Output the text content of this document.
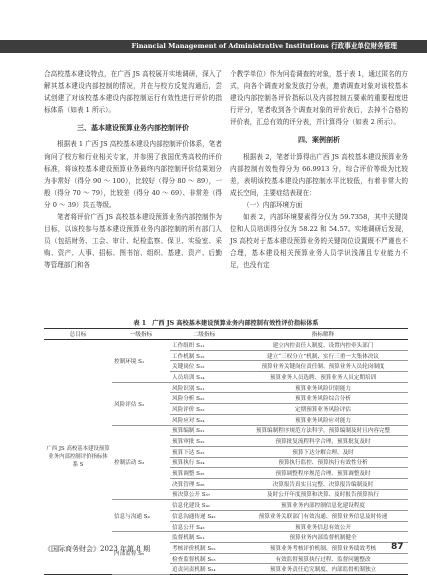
Financial Management of Administrative Institutions 行政事业单位财务管理

合高校基本建设特点，在广西 JS 高校展开实地调研，深入了解其基本建设内部控制的情况，并在与校方反复沟通后，尝试创建了对该校基本建设内部控制运行有效性进行评价的指标体系（如表 1 所示）。

三、基本建设预算业务内部控制评价

根据表 1 广西 JS 高校基本建设内部控制评价体系，笔者询问了校方和行业相关专家，并参照了我国优秀高校的评价标准，将该校基本建设预算业务最终内部控制评价结果划分为非常好（得分 90 ～ 100），比较好（得分 80 ～ 89），一般（得分 70 ～ 79），比较差（得分 40 ～ 69）、非常差（得分 0 ～ 39）共五等级。

笔者将评价广西 JS 高校基本建设预算业务内部控制作为目标，以该校参与基本建设预算业务内部控制的所有部门人员（包括财务、工会、审计、纪检监察、保卫、实验室、采购、资产、人事、招标、图书馆、组织、基建、资产、后勤等管理部门和各

个教学单位）作为问卷调查的对象，基于表 1，通过匿名的方式，向各个调查对象发放打分表，邀请调查对象对该校基本建设内部控制各评价指标以及内部控制五要素的重要程度进行评分，笔者收到各个调查对象的评价表后，去掉不合格的评价表，汇总有效的评分表，并计算得分（如表 2 所示）。

四、案例剖析

根据表 2，笔者计算得出广西 JS 高校基本建设预算业务内部控制有效性得分为 66.9913 分，综合评价等级为比较差，表明该校基本建设内部控制水平比较低，有着非常大的成长空间，主要症结表现在：

（一）内部环境方面

如表 2，内部环境要素得分仅为 59.7358，其中关键岗位和人员培训得分仅为 58.22 和 54.57。实地调研后发现，JS 高校对于基本建设预算业务的关键岗位设置既不严谨也不合理，基本建设相关预算业务人员学识浅薄且专业能力不足，也没有定

表 1　广西 JS 高校基本建设预算业务内部控制有效性评价指标体系
总目标	一级指标	二级指标	指标解释
广西 JS 高校基本建设预算业务内部控制评价指标体系 S	控制环境 S₁	工作组织 S₁₁	建立内控责任人制度、设置内控牵头部门
		工作机制 S₁₂	建立“三权分立”机制、实行三重一大集体决议
		关键岗位 S₁₃	预算业务关键岗位责任制、预算业务人员轮岗制度
		人员培训 S₁₄	预算业务人员选聘、预算业务人员定期培训
	风险评估 S₂	风险识别 S₂₁	预算业务风险识别能力
		风险分析 S₂₂	预算业务风险综合分析
		风险评价 S₂₃	定期预算业务风险评估
		风险应对 S₂₄	预算业务风险应对能力
	控制活动 S₃	预算编制 S₃₁	预算编制程序规范方法科学，预算编制及时且内容完整
		预算审批 S₃₂	预算批复流程科学合理，预算批复及时
		预算下达 S₃₃	预算下达分解合理、及时
		预算执行 S₃₄	预算执行监控、预算执行有效性分析
		预算调整 S₃₅	预算调整程序规范合理、预算调整及时
		决算管理 S₃₆	决算报告真实且完整、决算报告编制及时
		预决算公开 S₃₇	及时公开年度预算和决算、及时报告预算执行
	信息与沟通 S₄	信息化建设 S₄₁	预算业务内部控制信息化建设程度
		信息沟通传递 S₄₂	预算业务关联部门有效沟通、预算业务信息及时传递
		信息公开 S₄₃	预算业务信息有效公开
	内部监督 S₅	监督机制 S₅₁	预算业务内部监督机制健全
		考核评价机制 S₅₂	预算业务考核评价机制、预算业务绩效考核
		检查监督机制 S₅₃	有效监督预算执行过程、监督问题整改
		追责问责机制 S₅₄	预算业务责任追究制度、内部监督机制独立
《国际商务财会》2023 年第 8 期	87
